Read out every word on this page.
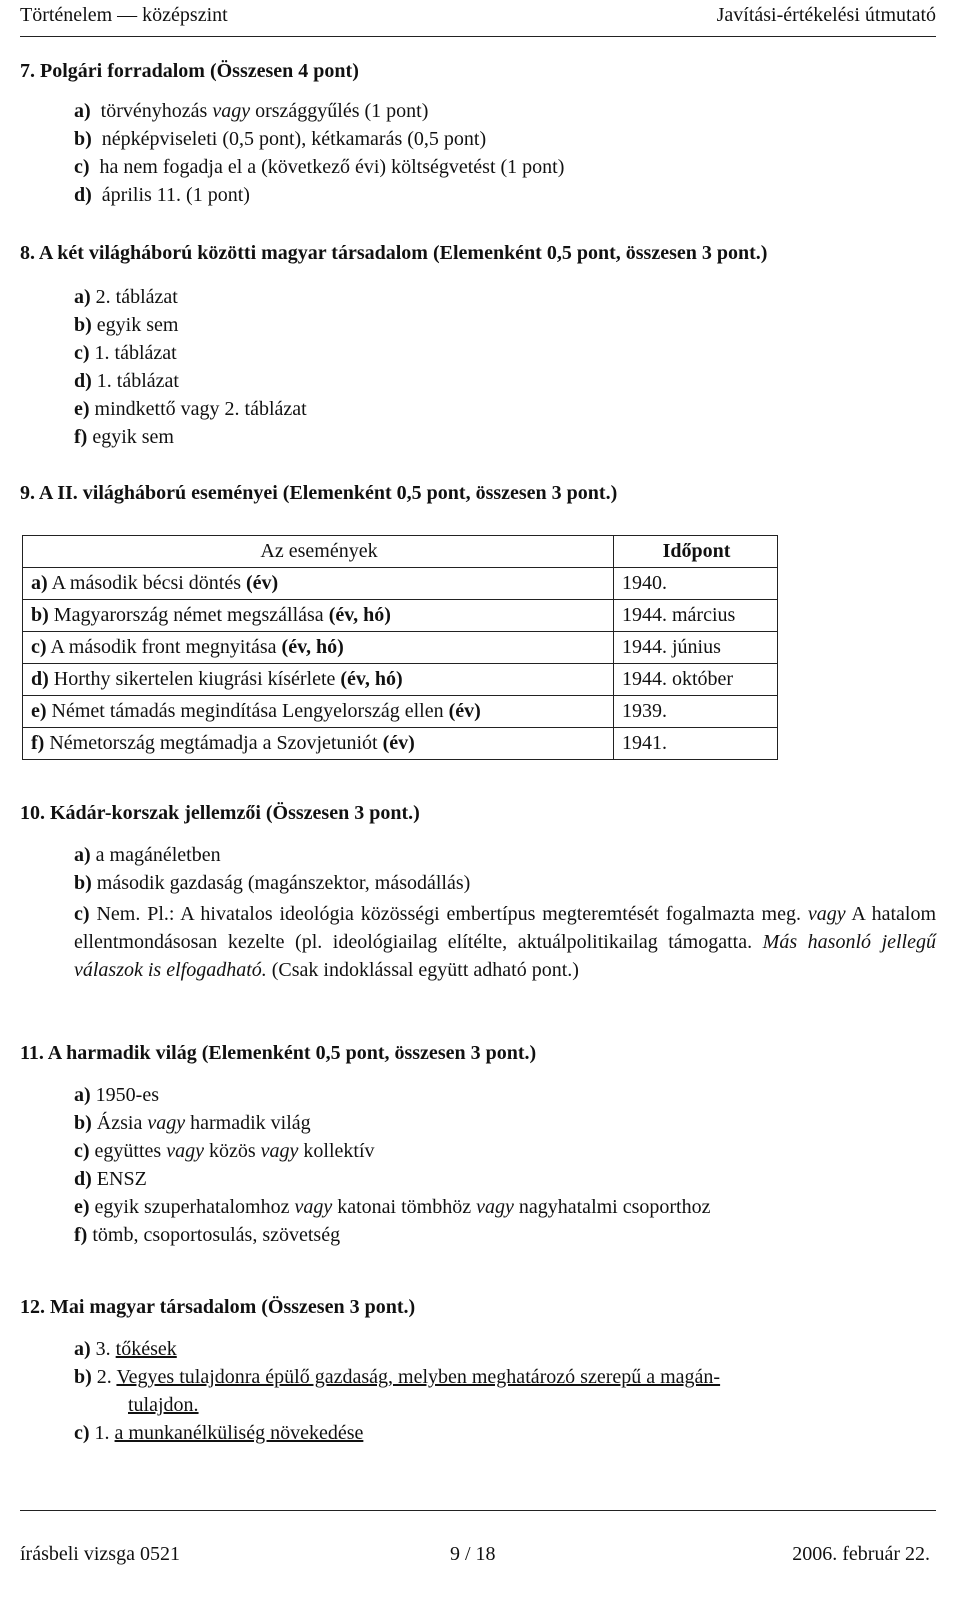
Történelem — középszint	Javítási-értékelési útmutató
7. Polgári forradalom (Összesen 4 pont)
a) törvényhozás vagy országgyűlés (1 pont)
b) népképviseleti (0,5 pont), kétkamarás (0,5 pont)
c) ha nem fogadja el a (következő évi) költségvetést (1 pont)
d) április 11. (1 pont)
8. A két világháború közötti magyar társadalom (Elemenként 0,5 pont, összesen 3 pont.)
a) 2. táblázat
b) egyik sem
c) 1. táblázat
d) 1. táblázat
e) mindkettő vagy 2. táblázat
f) egyik sem
9. A II. világháború eseményei (Elemenként 0,5 pont, összesen 3 pont.)
Az események	Időpont
a) A második bécsi döntés (év)	1940.
b) Magyarország német megszállása (év, hó)	1944. március
c) A második front megnyitása (év, hó)	1944. június
d) Horthy sikertelen kiugrási kísérlete (év, hó)	1944. október
e) Német támadás megindítása Lengyelország ellen (év)	1939.
f) Németország megtámadja a Szovjetuniót (év)	1941.
10. Kádár-korszak jellemzői (Összesen 3 pont.)
a) a magánéletben
b) második gazdaság (magánszektor, másodállás)
c) Nem. Pl.: A hivatalos ideológia közösségi embertípus megteremtését fogalmazta meg. vagy A hatalom ellentmondásosan kezelte (pl. ideológiailag elítélte, aktuálpolitikailag támogatta. Más hasonló jellegű válaszok is elfogadható. (Csak indoklással együtt adható pont.)
11. A harmadik világ (Elemenként 0,5 pont, összesen 3 pont.)
a) 1950-es
b) Ázsia vagy harmadik világ
c) együttes vagy közös vagy kollektív
d) ENSZ
e) egyik szuperhatalomhoz vagy katonai tömbhöz vagy nagyhatalmi csoporthoz
f) tömb, csoportosulás, szövetség
12. Mai magyar társadalom (Összesen 3 pont.)
a) 3. tőkések
b) 2. Vegyes tulajdonra épülő gazdaság, melyben meghatározó szerepű a magán-
tulajdon.
c) 1. a munkanélküliség növekedése
írásbeli vizsga 0521	9 / 18	2006. február 22.
